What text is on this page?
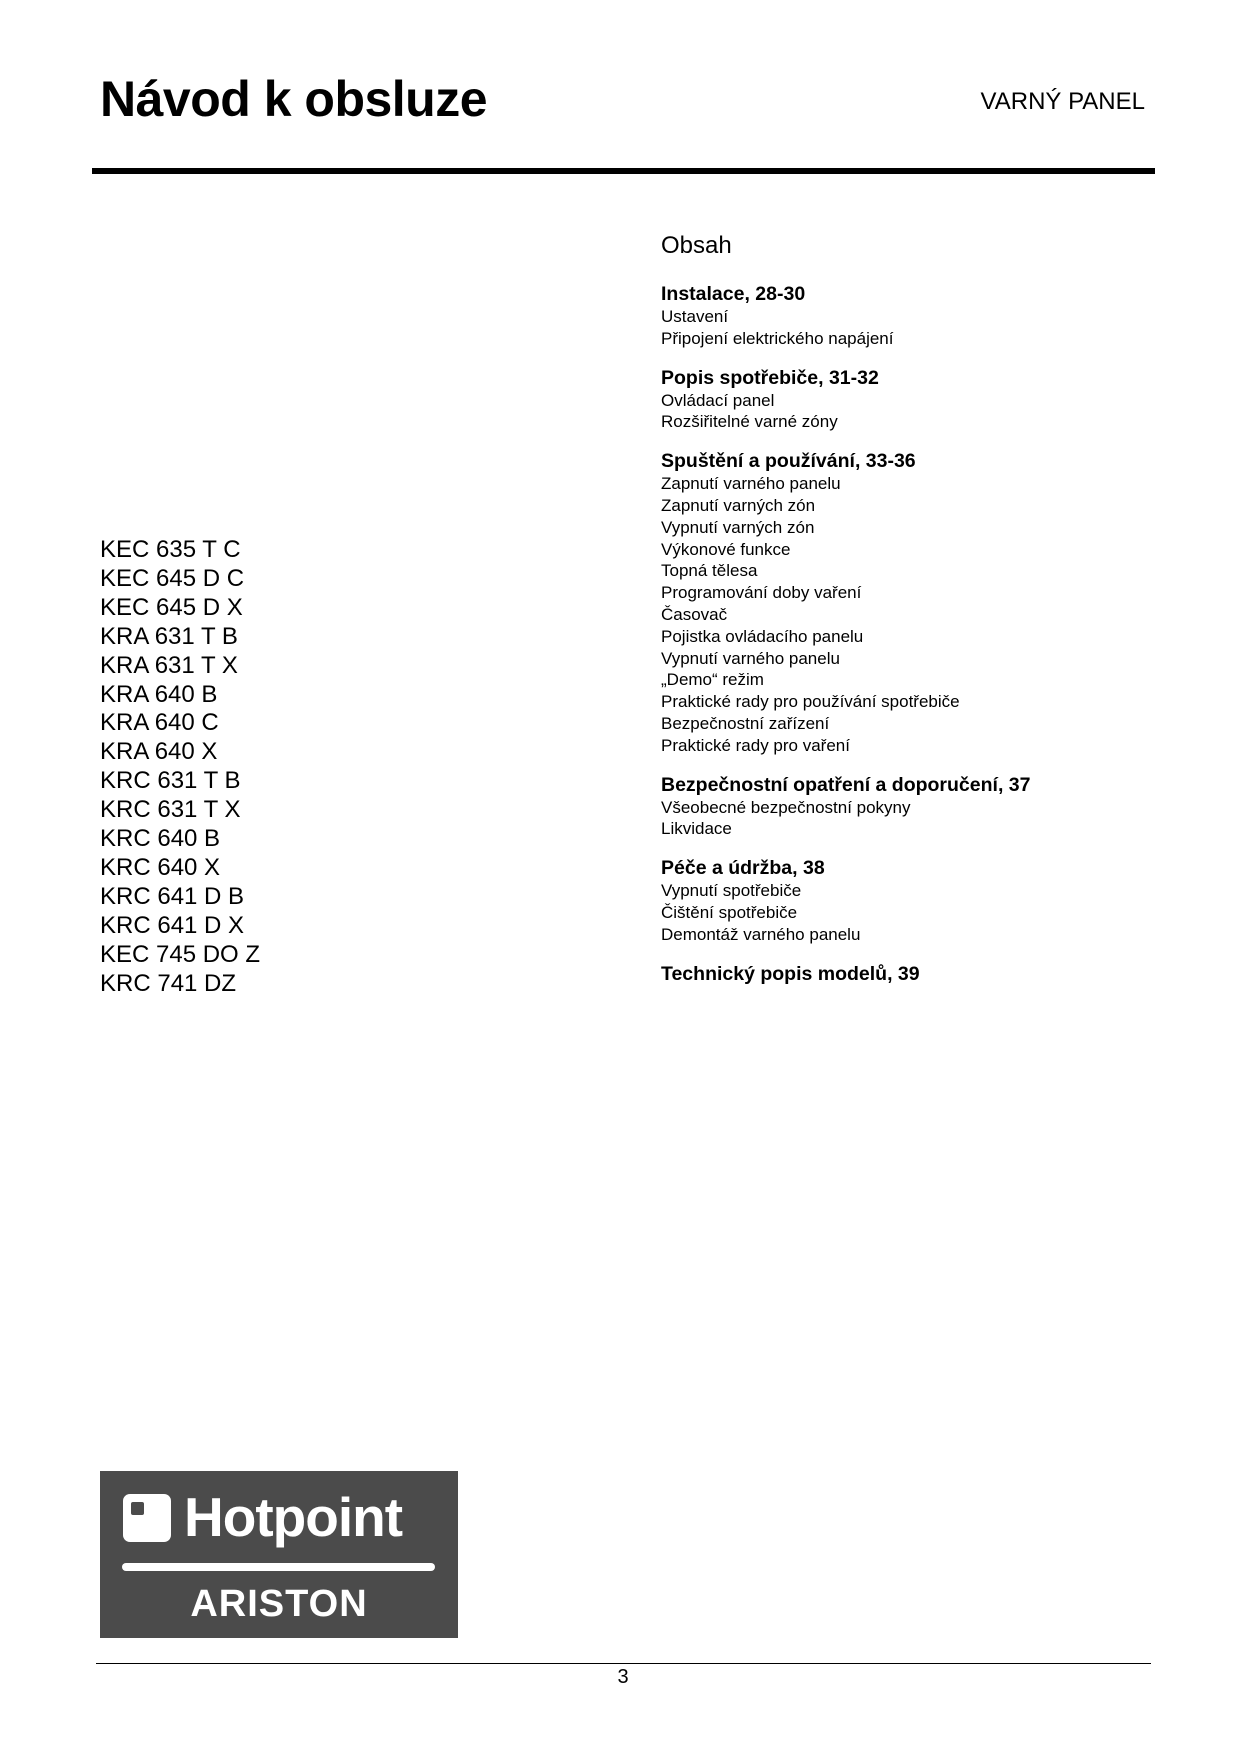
Návod k obsluze	VARNÝ PANEL
KEC 635 T C
KEC 645 D C
KEC 645 D X
KRA 631 T B
KRA 631 T X
KRA 640 B
KRA 640 C
KRA 640 X
KRC 631 T B
KRC 631 T X
KRC 640 B
KRC 640 X
KRC 641 D B
KRC 641 D X
KEC 745 DO Z
KRC 741 DZ
Obsah
Instalace, 28-30
Ustavení
Připojení elektrického napájení
Popis spotřebiče, 31-32
Ovládací panel
Rozšiřitelné varné zóny
Spuštění a používání, 33-36
Zapnutí varného panelu
Zapnutí varných zón
Vypnutí varných zón
Výkonové funkce
Topná tělesa
Programování doby vaření
Časovač
Pojistka ovládacího panelu
Vypnutí varného panelu
„Demo“ režim
Praktické rady pro používání spotřebiče
Bezpečnostní zařízení
Praktické rady pro vaření
Bezpečnostní opatření a doporučení, 37
Všeobecné bezpečnostní pokyny
Likvidace
Péče a údržba, 38
Vypnutí spotřebiče
Čištění spotřebiče
Demontáž varného panelu
Technický popis modelů, 39
Hotpoint
ARISTON
3
